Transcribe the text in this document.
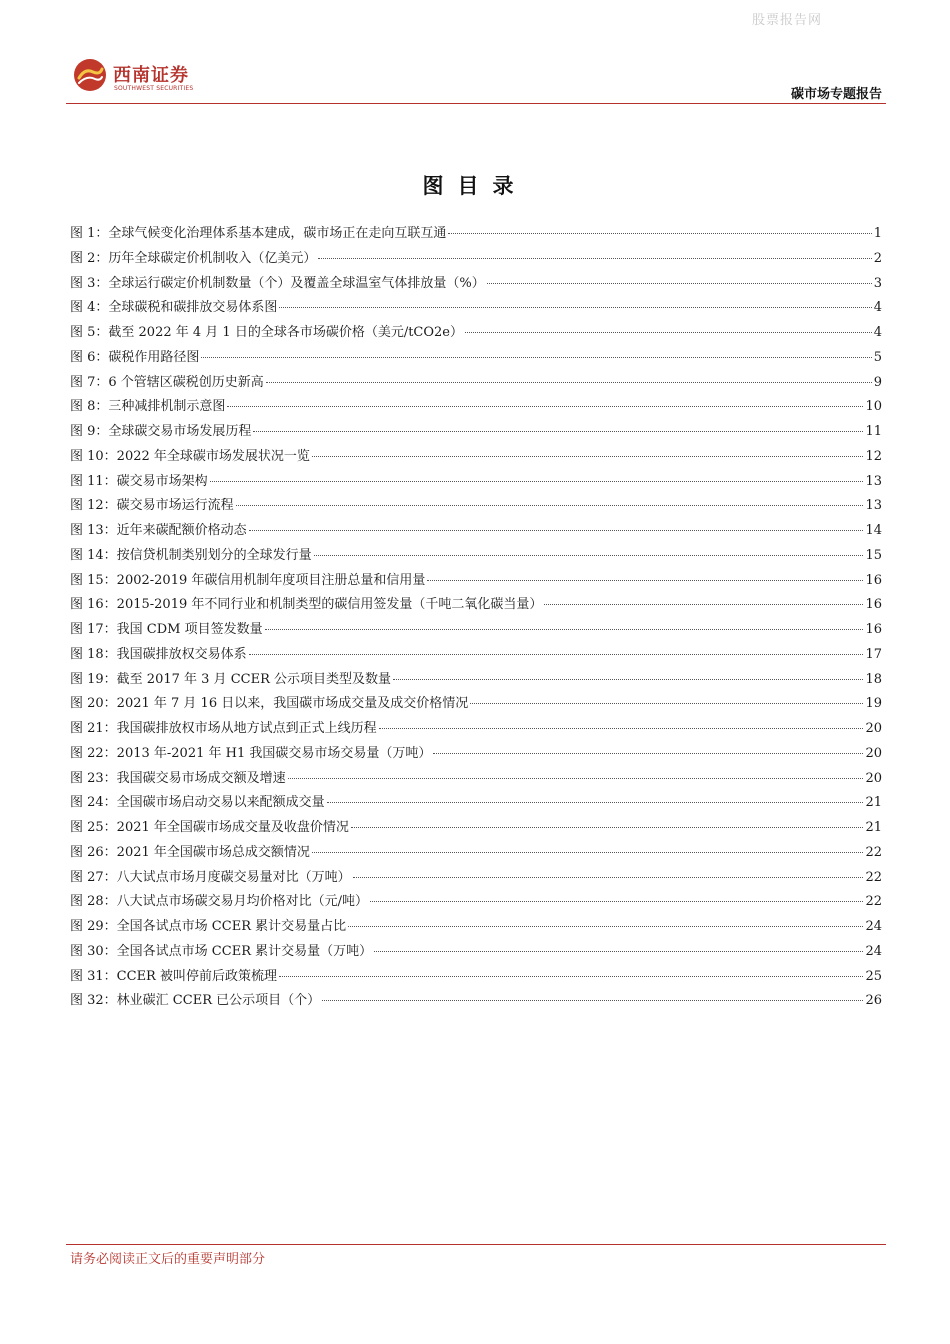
股票报告网
西南证券
SOUTHWEST SECURITIES	碳市场专题报告
图目录
图 1：全球气候变化治理体系基本建成，碳市场正在走向互联互通	1
图 2：历年全球碳定价机制收入（亿美元）	2
图 3：全球运行碳定价机制数量（个）及覆盖全球温室气体排放量（%）	3
图 4：全球碳税和碳排放交易体系图	4
图 5：截至 2022 年 4 月 1 日的全球各市场碳价格（美元/tCO2e）	4
图 6：碳税作用路径图	5
图 7：6 个管辖区碳税创历史新高	9
图 8：三种减排机制示意图	10
图 9：全球碳交易市场发展历程	11
图 10：2022 年全球碳市场发展状况一览	12
图 11：碳交易市场架构	13
图 12：碳交易市场运行流程	13
图 13：近年来碳配额价格动态	14
图 14：按信贷机制类别划分的全球发行量	15
图 15：2002-2019 年碳信用机制年度项目注册总量和信用量	16
图 16：2015-2019 年不同行业和机制类型的碳信用签发量（千吨二氧化碳当量）	16
图 17：我国 CDM 项目签发数量	16
图 18：我国碳排放权交易体系	17
图 19：截至 2017 年 3 月 CCER 公示项目类型及数量	18
图 20：2021 年 7 月 16 日以来，我国碳市场成交量及成交价格情况	19
图 21：我国碳排放权市场从地方试点到正式上线历程	20
图 22：2013 年-2021 年 H1 我国碳交易市场交易量（万吨）	20
图 23：我国碳交易市场成交额及增速	20
图 24：全国碳市场启动交易以来配额成交量	21
图 25：2021 年全国碳市场成交量及收盘价情况	21
图 26：2021 年全国碳市场总成交额情况	22
图 27：八大试点市场月度碳交易量对比（万吨）	22
图 28：八大试点市场碳交易月均价格对比（元/吨）	22
图 29：全国各试点市场 CCER 累计交易量占比	24
图 30：全国各试点市场 CCER 累计交易量（万吨）	24
图 31：CCER 被叫停前后政策梳理	25
图 32：林业碳汇 CCER 已公示项目（个）	26
请务必阅读正文后的重要声明部分
